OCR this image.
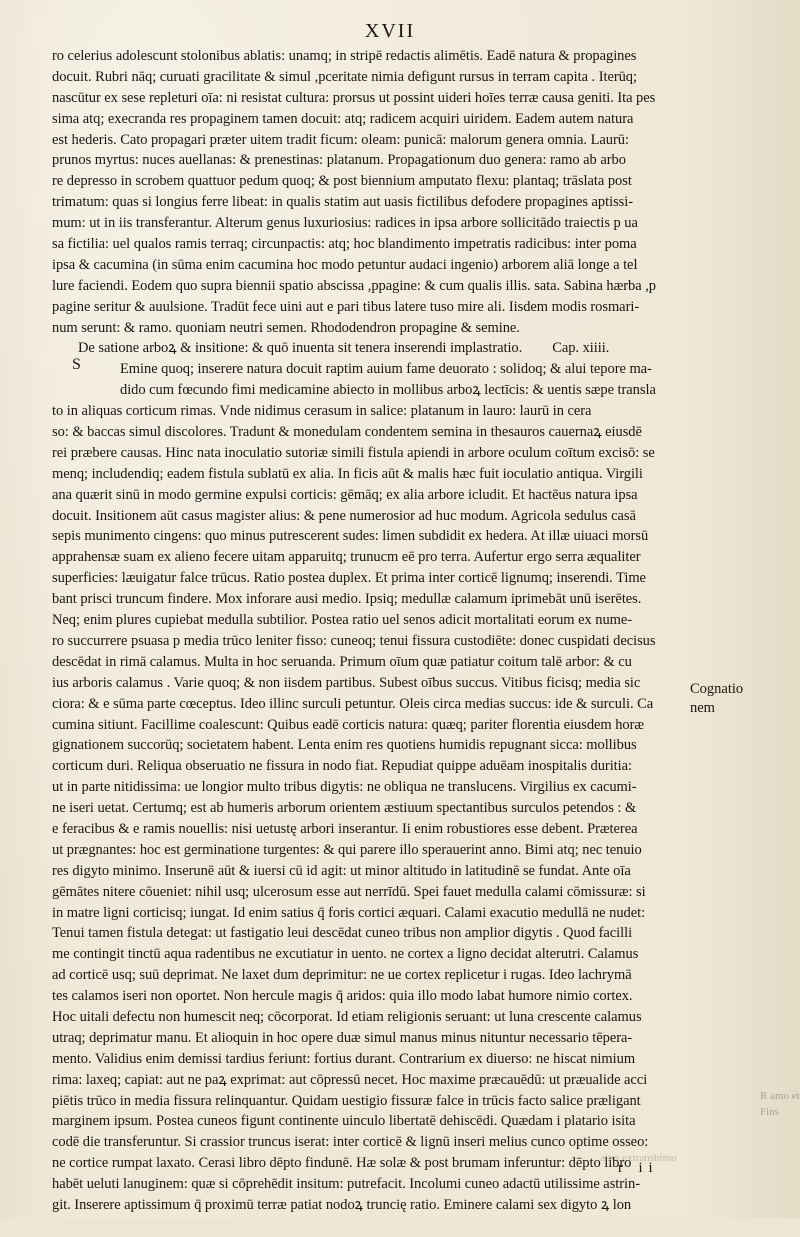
XVII
ro celerius adolescunt stolonibus ablatis: unamq; in stripē redactis alimētis. Eadē natura & propagines
docuit. Rubri nāq; curuati gracilitate & simul ,pceritate nimia defigunt rursus in terram capita . Iterūq;
nascūtur ex sese repleturi oīa: ni resistat cultura: prorsus ut possint uideri hoīes terræ causa geniti. Ita pes
sima atq; execranda res propaginem tamen docuit: atq; radicem acquiri uiridem. Eadem autem natura
est hederis. Cato propagari præter uitem tradit ficum: oleam: punicā: malorum genera omnia. Laurū:
prunos myrtus: nuces auellanas: & prenestinas: platanum. Propagationum duo genera: ramo ab arbo
re depresso in scrobem quattuor pedum quoq; & post biennium amputato flexu: plantaq; trāslata post
trimatum: quas si longius ferre libeat: in qualis statim aut uasis fictilibus defodere propagines aptissi-
mum: ut in iis transferantur. Alterum genus luxuriosius: radices in ipsa arbore sollicitādo traiectis p ua
sa fictilia: uel qualos ramis terraq; circunpactis: atq; hoc blandimento impetratis radicibus: inter poma
ipsa & cacumina (in sūma enim cacumina hoc modo petuntur audaci ingenio) arborem aliā longe a tel
lure faciendi. Eodem quo supra biennii spatio abscissa ,ppagine: & cum qualis illis. sata. Sabina hærba ,p
pagine seritur & auulsione. Tradūt fece uini aut e pari tibus latere tuso mire ali. Iisdem modis rosmari-
num serunt: & ramo. quoniam neutri semen. Rhododendron propagine & semine.
De satione arboꝝ & insitione: & quō inuenta sit tenera inserendi implastratio. Cap. xiiii.
Emine quoq; inserere natura docuit raptim auium fame deuorato : solidoq; & alui tepore ma-
dido cum fœcundo fimi medicamine abiecto in mollibus arboꝝ lectīcis: & uentis sæpe transla
to in aliquas corticum rimas. Vnde nidimus cerasum in salice: platanum in lauro: laurū in cera
so: & baccas simul discolores. Tradunt & monedulam condentem semina in thesauros cauernaꝝ eiusdē
rei præbere causas. Hinc nata inoculatio sutoriæ simili fistula apiendi in arbore oculum coītum excisō: se
menq; includendiq; eadem fistula sublatū ex alia. In ficis aūt & malis hæc fuit ioculatio antiqua. Virgili
ana quærit sinū in modo germine expulsi corticis: gēmāq; ex alia arbore icludit. Et hactēus natura ipsa
docuit. Insitionem aūt casus magister alius: & pene numerosior ad huc modum. Agricola sedulus casā
sepis munimento cingens: quo minus putrescerent sudes: limen subdidit ex hedera. At illæ uiuaci morsū
apprahensæ suam ex alieno fecere uitam apparuitq; trunucm eē pro terra. Aufertur ergo serra æqualiter
superficies: læuigatur falce trūcus. Ratio postea duplex. Et prima inter corticē lignumq; inserendi. Time
bant prisci truncum findere. Mox inforare ausi medio. Ipsiq; medullæ calamum iprimebāt unū iserētes.
Neq; enim plures cupiebat medulla subtilior. Postea ratio uel senos adicit mortalitati eorum ex nume-
ro succurrere psuasa p media trūco leniter fisso: cuneoq; tenui fissura custodiēte: donec cuspidati decisus
descēdat in rimā calamus. Multa in hoc seruanda. Primum oīum quæ patiatur coitum talē arbor: & cu
ius arboris calamus . Varie quoq; & non iisdem partibus. Subest oībus succus. Vitibus ficisq; media sic
ciora: & e sūma parte cœceptus. Ideo illinc surculi petuntur. Oleis circa medias succus: ide & surculi. Ca
cumina sitiunt. Facillime coalescunt: Quibus eadē corticis natura: quæq; pariter florentia eiusdem horæ
gignationem succorūq; societatem habent. Lenta enim res quotiens humidis repugnant sicca: mollibus
corticum duri. Reliqua obseruatio ne fissura in nodo fiat. Repudiat quippe aduēam inospitalis duritia:
ut in parte nitidissima: ue longior multo tribus digytis: ne obliqua ne translucens. Virgilius ex cacumi-
ne iseri uetat. Certumq; est ab humeris arborum orientem æstiuum spectantibus surculos petendos : &
e feracibus & e ramis nouellis: nisi uetustę arbori inserantur. Ii enim robustiores esse debent. Præterea
ut prægnantes: hoc est germinatione turgentes: & qui parere illo sperauerint anno. Bimi atq; nec tenuio
res digyto minimo. Inserunē aūt & iuersi cū id agit: ut minor altitudo in latitudinē se fundat. Ante oīa
gēmātes nitere cōueniet: nihil usq; ulcerosum esse aut nerrīdū. Spei fauet medulla calami cōmissuræ: si
in matre ligni corticisq; iungat. Id enim satius q̄ foris cortici æquari. Calami exacutio medullā ne nudet:
Tenui tamen fistula detegat: ut fastigatio leui descēdat cuneo tribus non amplior digytis . Quod facilli
me contingit tinctū aqua radentibus ne excutiatur in uento. ne cortex a ligno decidat alterutri. Calamus
ad corticē usq; suū deprimat. Ne laxet dum deprimitur: ne ue cortex replicetur i rugas. Ideo lachrymā
tes calamos iseri non oportet. Non hercule magis q̄ aridos: quia illo modo labat humore nimio cortex.
Hoc uitali defectu non humescit neq; cōcorporat. Id etiam religionis seruant: ut luna crescente calamus
utraq; deprimatur manu. Et alioquin in hoc opere duæ simul manus minus nituntur necessario tēpera-
mento. Validius enim demissi tardius feriunt: fortius durant. Contrarium ex diuerso: ne hiscat nimium
rima: laxeq; capiat: aut ne paꝝ exprimat: aut cōpressū necet. Hoc maxime præcauēdū: ut præualide acci
piētis trūco in media fissura relinquantur. Quidam uestigio fissuræ falce in trūcis facto salice præligant
marginem ipsum. Postea cuneos figunt continente uinculo libertatē dehiscēdi. Quædam i platario isita
codē die transferuntur. Si crassior truncus iserat: inter corticē & lignū inseri melius cunco optime osseo:
ne cortice rumpat laxato. Cerasi libro dēpto findunē. Hæ solæ & post brumam inferuntur: dēpto libro
habēt ueluti lanuginem: quæ si cōprehēdit insitum: putrefacit. Incolumi cuneo adactū utilissime astrin-
git. Inserere aptissimum q̄ proximū terræ patiat nodoꝝ truncię ratio. Eminere calami sex digyto ꝝ lon
S
Cognatio
nem
R amo et
Fins
alter extranshimo
r ii
